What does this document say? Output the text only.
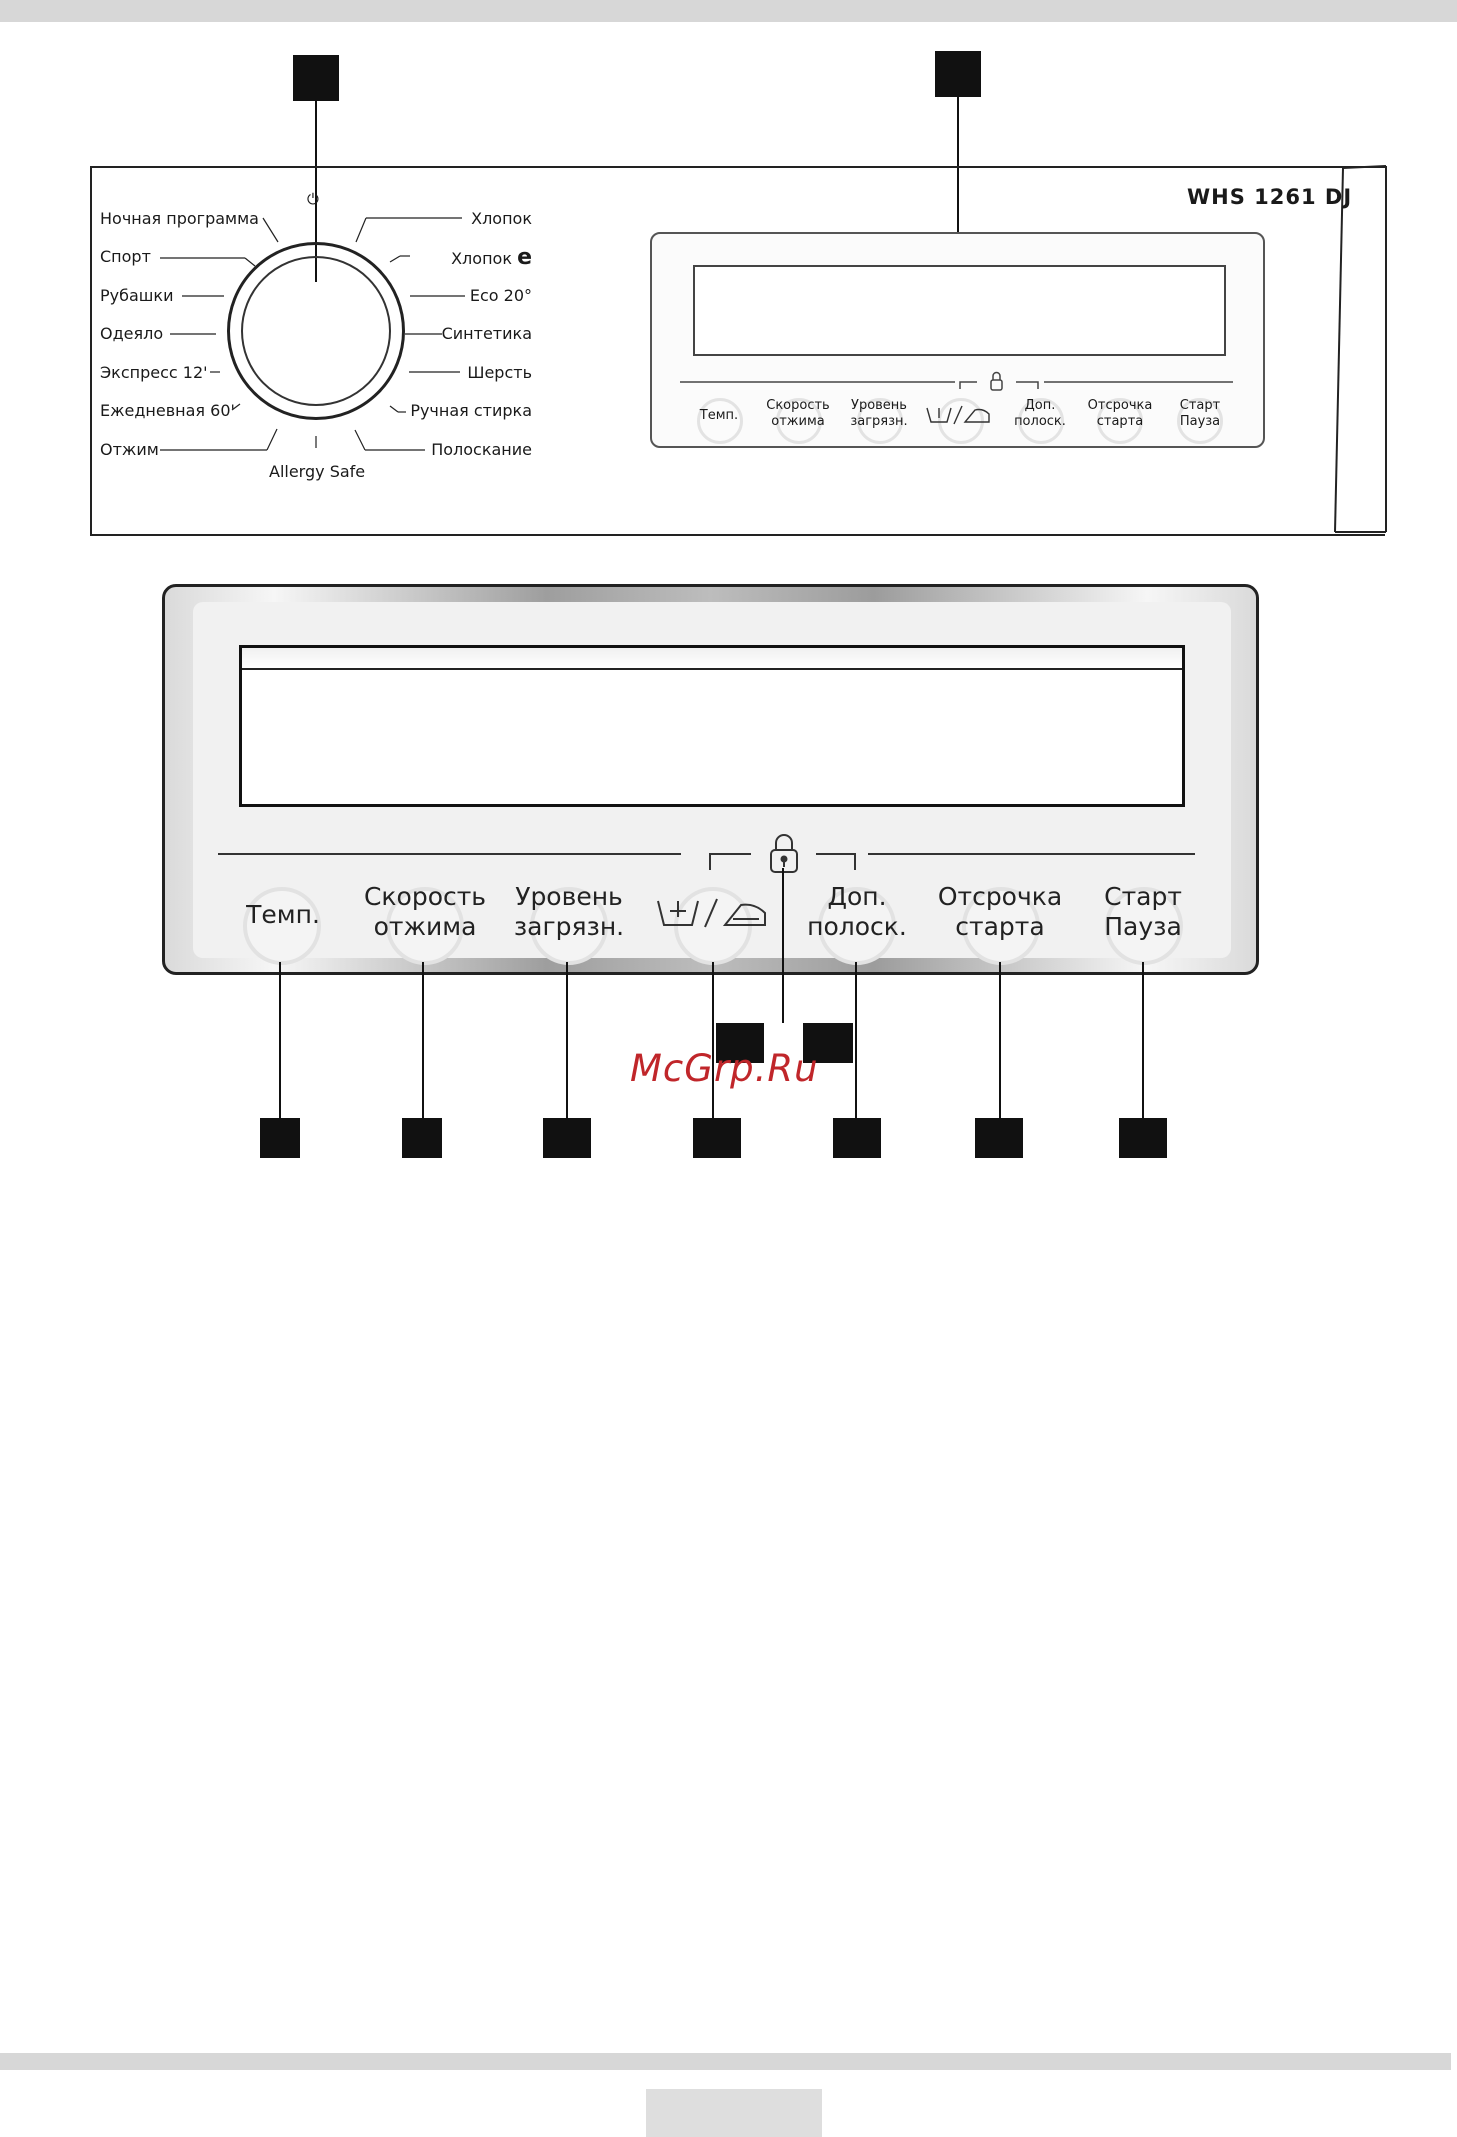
WHS 1261 DJ
Ночная программа
Спорт
Рубашки
Одеяло
Экспресс 12'
Ежедневная 60'
Отжим
Хлопок
Хлопок e
Eco 20°
Синтетика
Шерсть
Ручная стирка
Полоскание
Allergy Safe
⏻
Темп.
Скорость
отжима
Уровень
загрязн.
Доп.
полоск.
Отсрочка
старта
Старт
Пауза
Темп.
Скорость
отжима
Уровень
загрязн.
Доп.
полоск.
Отсрочка
старта
Старт
Пауза
McGrp.Ru
